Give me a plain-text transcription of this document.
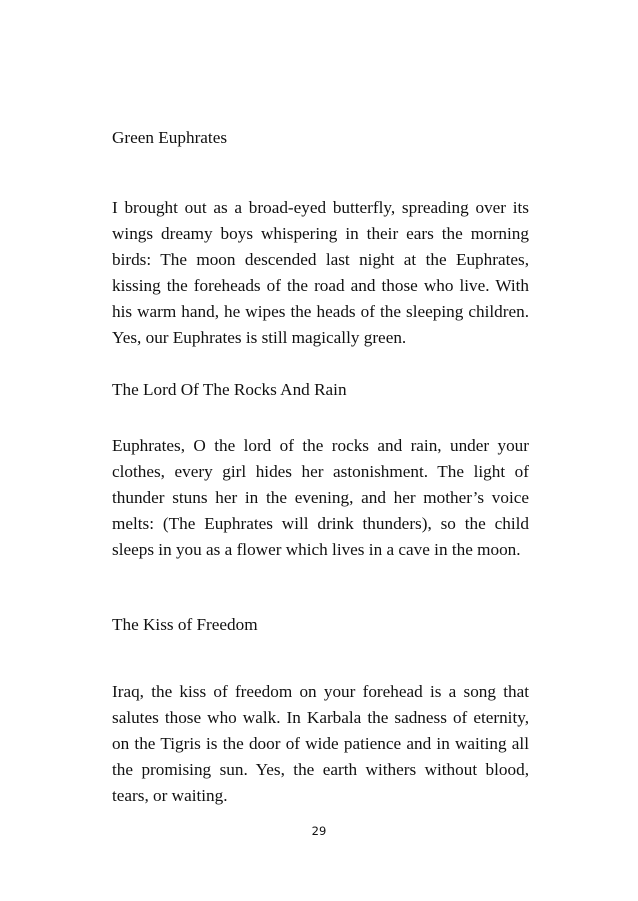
Green Euphrates

I brought out as a broad-eyed butterfly, spreading over its wings dreamy boys whispering in their ears the morning birds: The moon descended last night at the Euphrates, kissing the foreheads of the road and those who live. With his warm hand, he wipes the heads of the sleeping children. Yes, our Euphrates is still magically green.

The Lord Of The Rocks And Rain

Euphrates, O the lord of the rocks and rain, under your clothes, every girl hides her astonishment. The light of thunder stuns her in the evening, and her mother’s voice melts: (The Euphrates will drink thunders), so the child sleeps in you as a flower which lives in a cave in the moon.

The Kiss of Freedom

Iraq, the kiss of freedom on your forehead is a song that salutes those who walk. In Karbala the sadness of eternity, on the Tigris is the door of wide patience and in waiting all the promising sun. Yes, the earth withers without blood, tears, or waiting.

29
